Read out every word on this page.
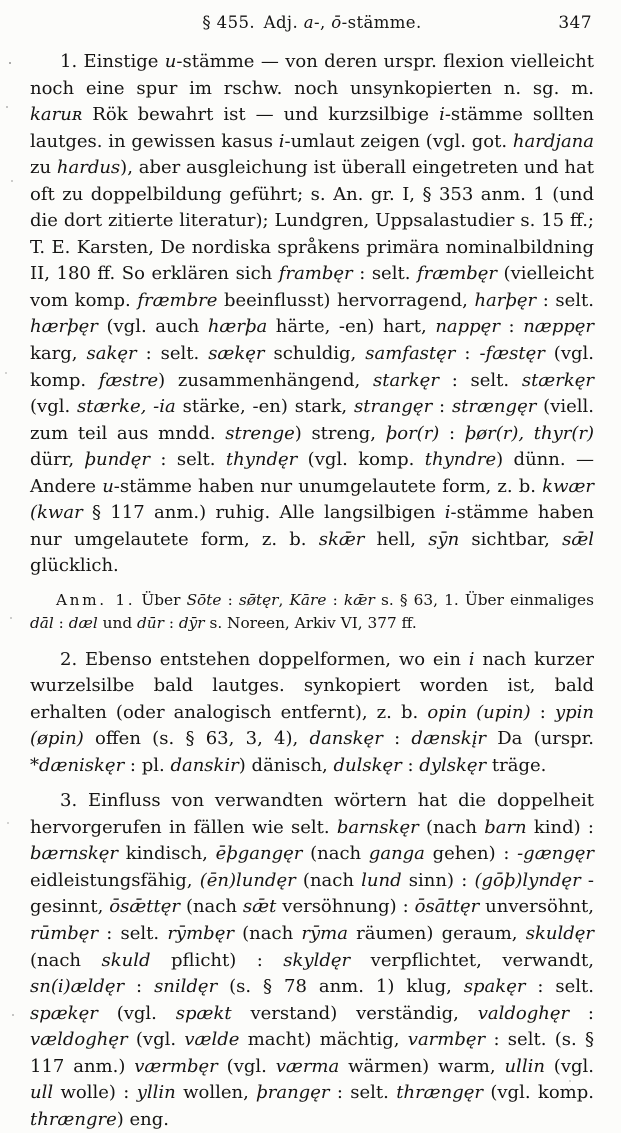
§ 455. Adj. a-, ō-stämme.	347

1. Einstige u-stämme — von deren urspr. flexion vielleicht noch eine spur im rschw. noch unsynkopierten n. sg. m. karuʀ Rök bewahrt ist — und kurzsilbige i-stämme sollten lautges. in gewissen kasus i-umlaut zeigen (vgl. got. hardjana zu hardus), aber ausgleichung ist überall eingetreten und hat oft zu doppelbildung geführt; s. An. gr. I, § 353 anm. 1 (und die dort zitierte literatur); Lundgren, Uppsalastudier s. 15 ff.; T. E. Karsten, De nordiska språkens primära nominalbildning II, 180 ff. So erklären sich frambęr : selt. fræmbęr (vielleicht vom komp. fræmbre beeinflusst) hervorragend, harþęr : selt. hærþęr (vgl. auch hærþa härte, -en) hart, nappęr : næppęr karg, sakęr : selt. sækęr schuldig, samfastęr : -fæstęr (vgl. komp. fæstre) zusammenhängend, starkęr : selt. stærkęr (vgl. stærke, -ia stärke, -en) stark, strangęr : strængęr (viell. zum teil aus mndd. strenge) streng, þor(r) : þør(r), thyr(r) dürr, þundęr : selt. thyndęr (vgl. komp. thyndre) dünn. — Andere u-stämme haben nur unumgelautete form, z. b. kwær (kwar § 117 anm.) ruhig. Alle langsilbigen i-stämme haben nur umgelautete form, z. b. skǣr hell, sȳn sichtbar, sǣl glücklich.

Anm. 1. Über Sōte : sø̄tęr, Kāre : kǣr s. § 63, 1. Über einmaliges dāl : dæl und dūr : dȳr s. Noreen, Arkiv VI, 377 ff.

2. Ebenso entstehen doppelformen, wo ein i nach kurzer wurzelsilbe bald lautges. synkopiert worden ist, bald erhalten (oder analogisch entfernt), z. b. opin (upin) : ypin (øpin) offen (s. § 63, 3, 4), danskęr : dænskįr Da (urspr. *dæniskęr : pl. danskir) dänisch, dulskęr : dylskęr träge.

3. Einfluss von verwandten wörtern hat die doppelheit hervorgerufen in fällen wie selt. barnskęr (nach barn kind) : bærnskęr kindisch, ēþgangęr (nach ganga gehen) : -gængęr eidleistungsfähig, (ēn)lundęr (nach lund sinn) : (gōþ)lyndęr -gesinnt, ōsǣttęr (nach sǣt versöhnung) : ōsāttęr unversöhnt, rūmbęr : selt. rȳmbęr (nach rȳma räumen) geraum, skuldęr (nach skuld pflicht) : skyldęr verpflichtet, verwandt, sn(i)ældęr : snildęr (s. § 78 anm. 1) klug, spakęr : selt. spækęr (vgl. spækt verstand) verständig, valdoghęr : vældoghęr (vgl. vælde macht) mächtig, varmbęr : selt. (s. § 117 anm.) værmbęr (vgl. værma wärmen) warm, ullin (vgl. ull wolle) : yllin wollen, þrangęr : selt. thrængęr (vgl. komp. thrængre) eng.
